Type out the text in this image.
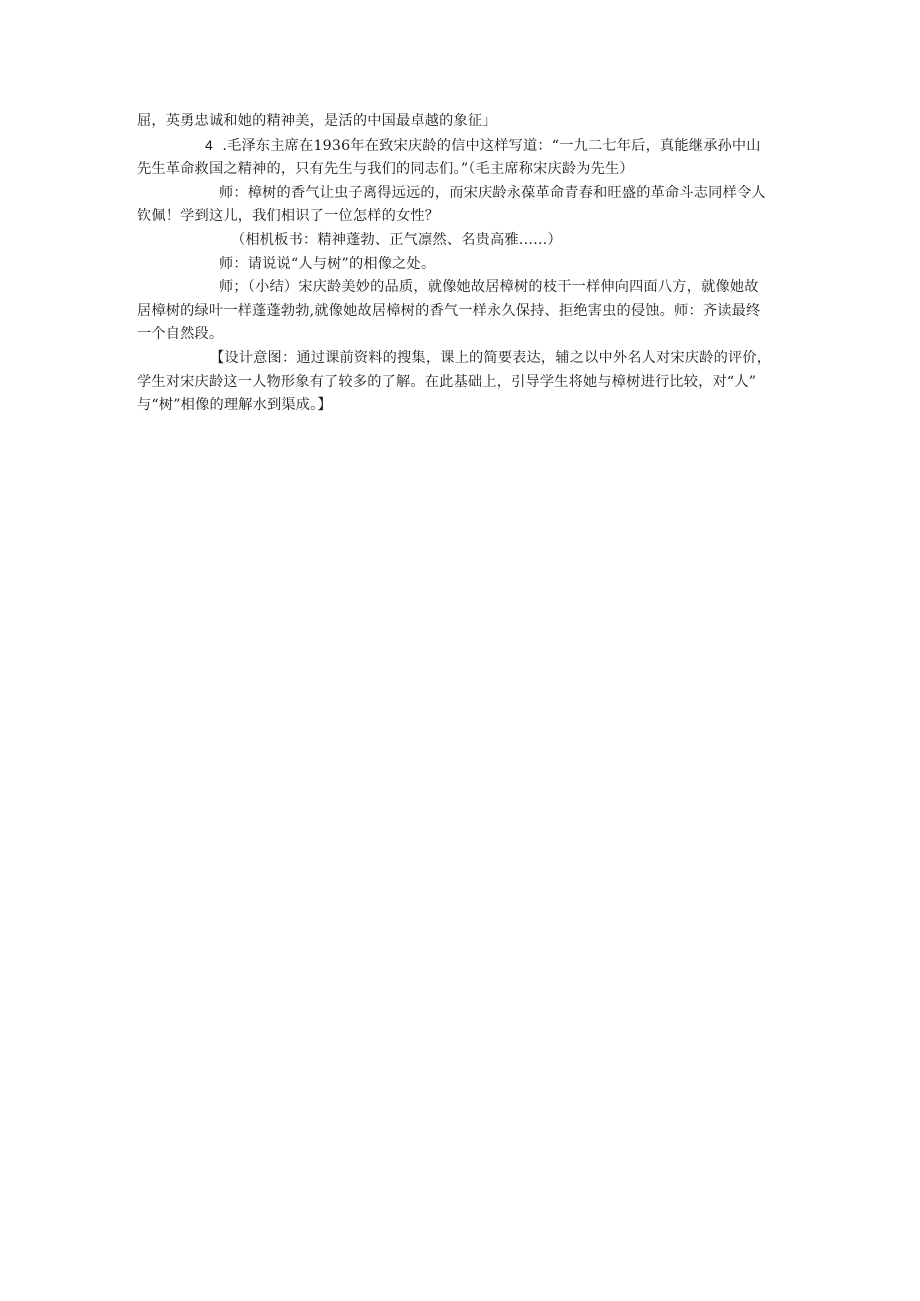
屈，英勇忠诚和她的精神美，是活的中国最卓越的象征」

4 .毛泽东主席在1936年在致宋庆龄的信中这样写道：“一九二七年后，真能继承孙中山
先生革命救国之精神的，只有先生与我们的同志们。”（毛主席称宋庆龄为先生）

师：樟树的香气让虫子离得远远的，而宋庆龄永葆革命青春和旺盛的革命斗志同样令人
钦佩！学到这儿，我们相识了一位怎样的女性？

（相机板书：精神蓬勃、正气凛然、名贵高雅……）

师：请说说“人与树”的相像之处。

师；（小结）宋庆龄美妙的品质，就像她故居樟树的枝干一样伸向四面八方，就像她故
居樟树的绿叶一样蓬蓬勃勃,就像她故居樟树的香气一样永久保持、拒绝害虫的侵蚀。师：齐读最终
一个自然段。

【设计意图：通过课前资料的搜集，课上的简要表达，辅之以中外名人对宋庆龄的评价，
学生对宋庆龄这一人物形象有了较多的了解。在此基础上，引导学生将她与樟树进行比较，对“人”
与“树”相像的理解水到渠成。】
